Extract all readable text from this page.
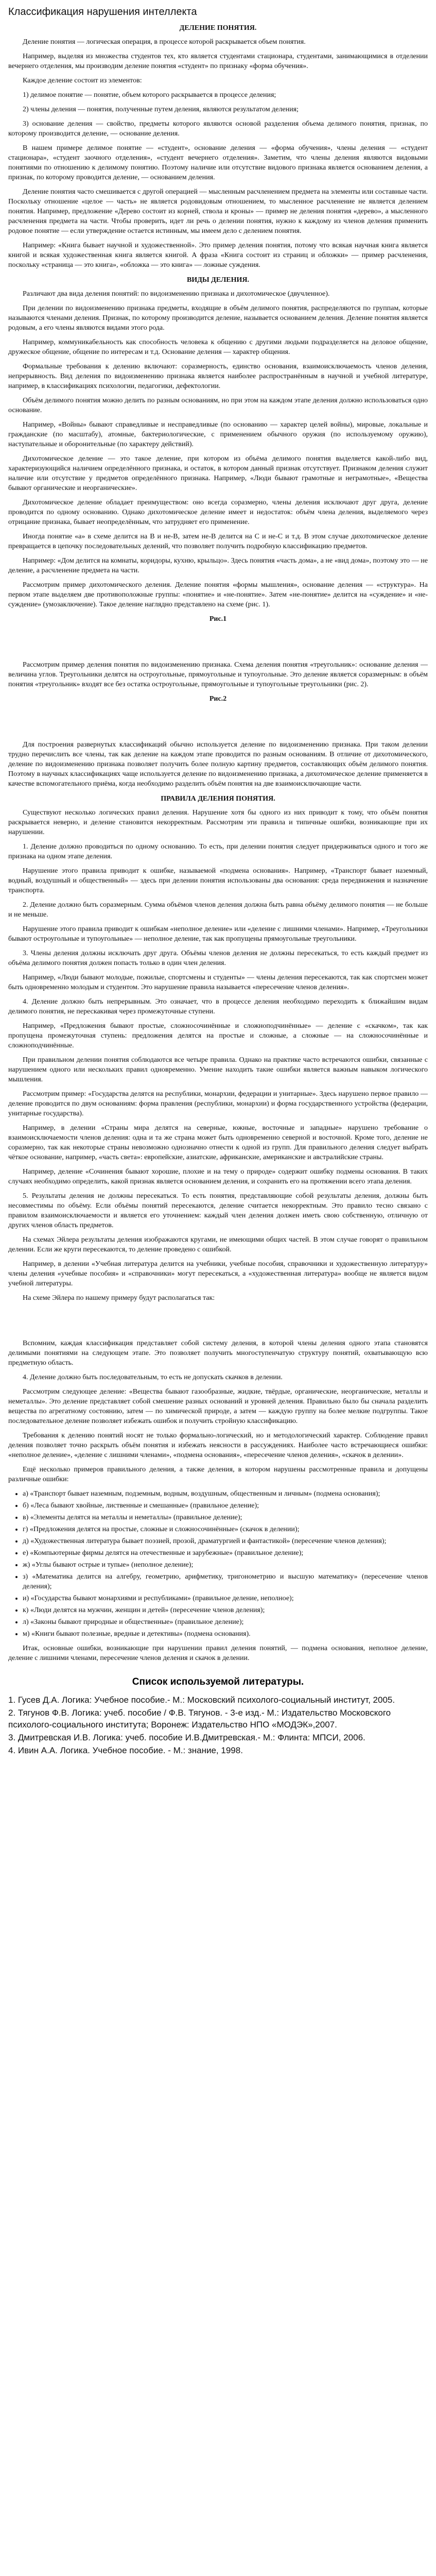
Классификация нарушения интеллекта
ДЕЛЕНИЕ ПОНЯТИЯ.

Деление понятия — логическая операция, в процессе которой раскрывается объем понятия.

Например, выделяя из множества студентов тех, кто является студентами стационара, студентами, занимающимися в отделении вечернего отделения, мы производим деление понятия «студент» по признаку «форма обучения».

Каждое деление состоит из элементов:

1) делимое понятие — понятие, объем которого раскрывается в процессе деления;

2) члены деления — понятия, полученные путем деления, являются результатом деления;

3) основание деления — свойство, предметы которого являются основой разделения объема делимого понятия, признак, по которому производится деление, — основание деления.

В нашем примере делимое понятие — «студент», основание деления — «форма обучения», члены деления — «студент стационара», «студент заочного отделения», «студент вечернего отделения». Заметим, что члены деления являются видовыми понятиями по отношению к делимому понятию. Поэтому наличие или отсутствие видового признака является основанием деления, а признак, по которому проводится деление, — основанием деления.

Деление понятия часто смешивается с другой операцией — мысленным расчленением предмета на элементы или составные части. Поскольку отношение «целое — часть» не является родовидовым отношением, то мысленное расчленение не является делением понятия. Например, предложение «Дерево состоит из корней, ствола и кроны» — пример не деления понятия «дерево», а мысленного расчленения предмета на части. Чтобы проверить, идет ли речь о делении понятия, нужно к каждому из членов деления применить родовое понятие — если утверждение остается истинным, мы имеем дело с делением понятия.

Например: «Книга бывает научной и художественной». Это пример деления понятия, потому что всякая научная книга является книгой и всякая художественная книга является книгой. А фраза «Книга состоит из страниц и обложки» — пример расчленения, поскольку «страница — это книга», «обложка — это книга» — ложные суждения.

ВИДЫ ДЕЛЕНИЯ.

Различают два вида деления понятий: по видоизменению признака и дихотомическое (двучленное).

При делении по видоизменению признака предметы, входящие в объём делимого понятия, распределяются по группам, которые называются членами деления. Признак, по которому производится деление, называется основанием деления. Деление понятия является родовым, а его члены являются видами этого рода.

Например, коммуникабельность как способность человека к общению с другими людьми подразделяется на деловое общение, дружеское общение, общение по интересам и т.д. Основание деления — характер общения.

Формальные требования к делению включают: соразмерность, единство основания, взаимоисключаемость членов деления, непрерывность. Вид деления по видоизменению признака является наиболее распространённым в научной и учебной литературе, например, в классификациях психологии, педагогики, дефектологии.

Объём делимого понятия можно делить по разным основаниям, но при этом на каждом этапе деления должно использоваться одно основание.

Например, «Войны» бывают справедливые и несправедливые (по основанию — характер целей войны), мировые, локальные и гражданские (по масштабу), атомные, бактериологические, с применением обычного оружия (по используемому оружию), наступательные и оборонительные (по характеру действий).

Дихотомическое деление — это такое деление, при котором из объёма делимого понятия выделяется какой-либо вид, характеризующийся наличием определённого признака, и остаток, в котором данный признак отсутствует. Признаком деления служит наличие или отсутствие у предметов определённого признака. Например, «Люди бывают грамотные и неграмотные», «Вещества бывают органические и неорганические».

Дихотомическое деление обладает преимуществом: оно всегда соразмерно, члены деления исключают друг друга, деление проводится по одному основанию. Однако дихотомическое деление имеет и недостаток: объём члена деления, выделяемого через отрицание признака, бывает неопределённым, что затрудняет его применение.

Иногда понятие «а» в схеме делится на В и не-В, затем не-В делится на С и не-С и т.д. В этом случае дихотомическое деление превращается в цепочку последовательных делений, что позволяет получить подробную классификацию предметов.

Например: «Дом делится на комнаты, коридоры, кухню, крыльцо». Здесь понятия «часть дома», а не «вид дома», поэтому это — не деление, а расчленение предмета на части.

Рассмотрим пример дихотомического деления. Деление понятия «формы мышления», основание деления — «структура». На первом этапе выделяем две противоположные группы: «понятие» и «не-понятие». Затем «не-понятие» делится на «суждение» и «не-суждение» (умозаключение). Такое деление наглядно представлено на схеме (рис. 1).

Рис.1

Рассмотрим пример деления понятия по видоизменению признака. Схема деления понятия «треугольник»: основание деления — величина углов. Треугольники делятся на остроугольные, прямоугольные и тупоугольные. Это деление является соразмерным: в объём понятия «треугольник» входят все без остатка остроугольные, прямоугольные и тупоугольные треугольники (рис. 2).

Рис.2

Для построения развернутых классификаций обычно используется деление по видоизменению признака. При таком делении трудно перечислить все члены, так как деление на каждом этапе проводится по разным основаниям. В отличие от дихотомического, деление по видоизменению признака позволяет получить более полную картину предметов, составляющих объём делимого понятия. Поэтому в научных классификациях чаще используется деление по видоизменению признака, а дихотомическое деление применяется в качестве вспомогательного приёма, когда необходимо разделить объём понятия на две взаимоисключающие части.

ПРАВИЛА ДЕЛЕНИЯ ПОНЯТИЯ.

Существуют несколько логических правил деления. Нарушение хотя бы одного из них приводит к тому, что объём понятия раскрывается неверно, и деление становится некорректным. Рассмотрим эти правила и типичные ошибки, возникающие при их нарушении.

1. Деление должно проводиться по одному основанию. То есть, при делении понятия следует придерживаться одного и того же признака на одном этапе деления.

Нарушение этого правила приводит к ошибке, называемой «подмена основания». Например, «Транспорт бывает наземный, водный, воздушный и общественный» — здесь при делении понятия использованы два основания: среда передвижения и назначение транспорта.

2. Деление должно быть соразмерным. Сумма объёмов членов деления должна быть равна объёму делимого понятия — не больше и не меньше.

Нарушение этого правила приводит к ошибкам «неполное деление» или «деление с лишними членами». Например, «Треугольники бывают остроугольные и тупоугольные» — неполное деление, так как пропущены прямоугольные треугольники.

3. Члены деления должны исключать друг друга. Объёмы членов деления не должны пересекаться, то есть каждый предмет из объёма делимого понятия должен попасть только в один член деления.

Например, «Люди бывают молодые, пожилые, спортсмены и студенты» — члены деления пересекаются, так как спортсмен может быть одновременно молодым и студентом. Это нарушение правила называется «пересечение членов деления».

4. Деление должно быть непрерывным. Это означает, что в процессе деления необходимо переходить к ближайшим видам делимого понятия, не перескакивая через промежуточные ступени.

Например, «Предложения бывают простые, сложносочинённые и сложноподчинённые» — деление с «скачком», так как пропущена промежуточная ступень: предложения делятся на простые и сложные, а сложные — на сложносочинённые и сложноподчинённые.

При правильном делении понятия соблюдаются все четыре правила. Однако на практике часто встречаются ошибки, связанные с нарушением одного или нескольких правил одновременно. Умение находить такие ошибки является важным навыком логического мышления.

Рассмотрим пример: «Государства делятся на республики, монархии, федерации и унитарные». Здесь нарушено первое правило — деление проводится по двум основаниям: форма правления (республики, монархии) и форма государственного устройства (федерации, унитарные государства).

Например, в делении «Страны мира делятся на северные, южные, восточные и западные» нарушено требование о взаимоисключаемости членов деления: одна и та же страна может быть одновременно северной и восточной. Кроме того, деление не соразмерно, так как некоторые страны невозможно однозначно отнести к одной из групп. Для правильного деления следует выбрать чёткое основание, например, «часть света»: европейские, азиатские, африканские, американские и австралийские страны.

Например, деление «Сочинения бывают хорошие, плохие и на тему о природе» содержит ошибку подмены основания. В таких случаях необходимо определить, какой признак является основанием деления, и сохранить его на протяжении всего этапа деления.

5. Результаты деления не должны пересекаться. То есть понятия, представляющие собой результаты деления, должны быть несовместимы по объёму. Если объёмы понятий пересекаются, деление считается некорректным. Это правило тесно связано с правилом взаимоисключаемости и является его уточнением: каждый член деления должен иметь свою собственную, отличную от других членов область предметов.

На схемах Эйлера результаты деления изображаются кругами, не имеющими общих частей. В этом случае говорят о правильном делении. Если же круги пересекаются, то деление проведено с ошибкой.

Например, в делении «Учебная литература делится на учебники, учебные пособия, справочники и художественную литературу» члены деления «учебные пособия» и «справочники» могут пересекаться, а «художественная литература» вообще не является видом учебной литературы.

На схеме Эйлера по нашему примеру будут располагаться так:

Вспомним, каждая классификация представляет собой систему деления, в которой члены деления одного этапа становятся делимыми понятиями на следующем этапе. Это позволяет получить многоступенчатую структуру понятий, охватывающую всю предметную область.

4. Деление должно быть последовательным, то есть не допускать скачков в делении.

Рассмотрим следующее деление: «Вещества бывают газообразные, жидкие, твёрдые, органические, неорганические, металлы и неметаллы». Это деление представляет собой смешение разных оснований и уровней деления. Правильно было бы сначала разделить вещества по агрегатному состоянию, затем — по химической природе, а затем — каждую группу на более мелкие подгруппы. Такое последовательное деление позволяет избежать ошибок и получить стройную классификацию.

Требования к делению понятий носят не только формально-логический, но и методологический характер. Соблюдение правил деления позволяет точно раскрыть объём понятия и избежать неясности в рассуждениях. Наиболее часто встречающиеся ошибки: «неполное деление», «деление с лишними членами», «подмена основания», «пересечение членов деления», «скачок в делении».

Ещё несколько примеров правильного деления, а также деления, в котором нарушены рассмотренные правила и допущены различные ошибки:

• а) «Транспорт бывает наземным, подземным, водным, воздушным, общественным и личным» (подмена основания);
• б) «Леса бывают хвойные, лиственные и смешанные» (правильное деление);
• в) «Элементы делятся на металлы и неметаллы» (правильное деление);
• г) «Предложения делятся на простые, сложные и сложносочинённые» (скачок в делении);
• д) «Художественная литература бывает поэзией, прозой, драматургией и фантастикой» (пересечение членов деления);
• е) «Компьютерные фирмы делятся на отечественные и зарубежные» (правильное деление);
• ж) «Углы бывают острые и тупые» (неполное деление);
• з) «Математика делится на алгебру, геометрию, арифметику, тригонометрию и высшую математику» (пересечение членов деления);
• и) «Государства бывают монархиями и республиками» (правильное деление, неполное);
• к) «Люди делятся на мужчин, женщин и детей» (пересечение членов деления);
• л) «Законы бывают природные и общественные» (правильное деление);
• м) «Книги бывают полезные, вредные и детективы» (подмена основания).

Итак, основные ошибки, возникающие при нарушении правил деления понятий, — подмена основания, неполное деление, деление с лишними членами, пересечение членов деления и скачок в делении.

Список используемой литературы.
1. Гусев Д.А. Логика: Учебное пособие.- М.: Московский психолого-социальный институт, 2005.
2. Тягунов Ф.В. Логика: учеб. пособие / Ф.В. Тягунов. - 3-е изд.- М.: Издательство Московского психолого-социального института; Воронеж: Издательство НПО «МОДЭК»,2007.
3. Дмитревская И.В. Логика: учеб. пособие И.В.Дмитревская.- М.: Флинта: МПСИ, 2006.
4. Ивин А.А. Логика. Учебное пособие. - М.: знание, 1998.
